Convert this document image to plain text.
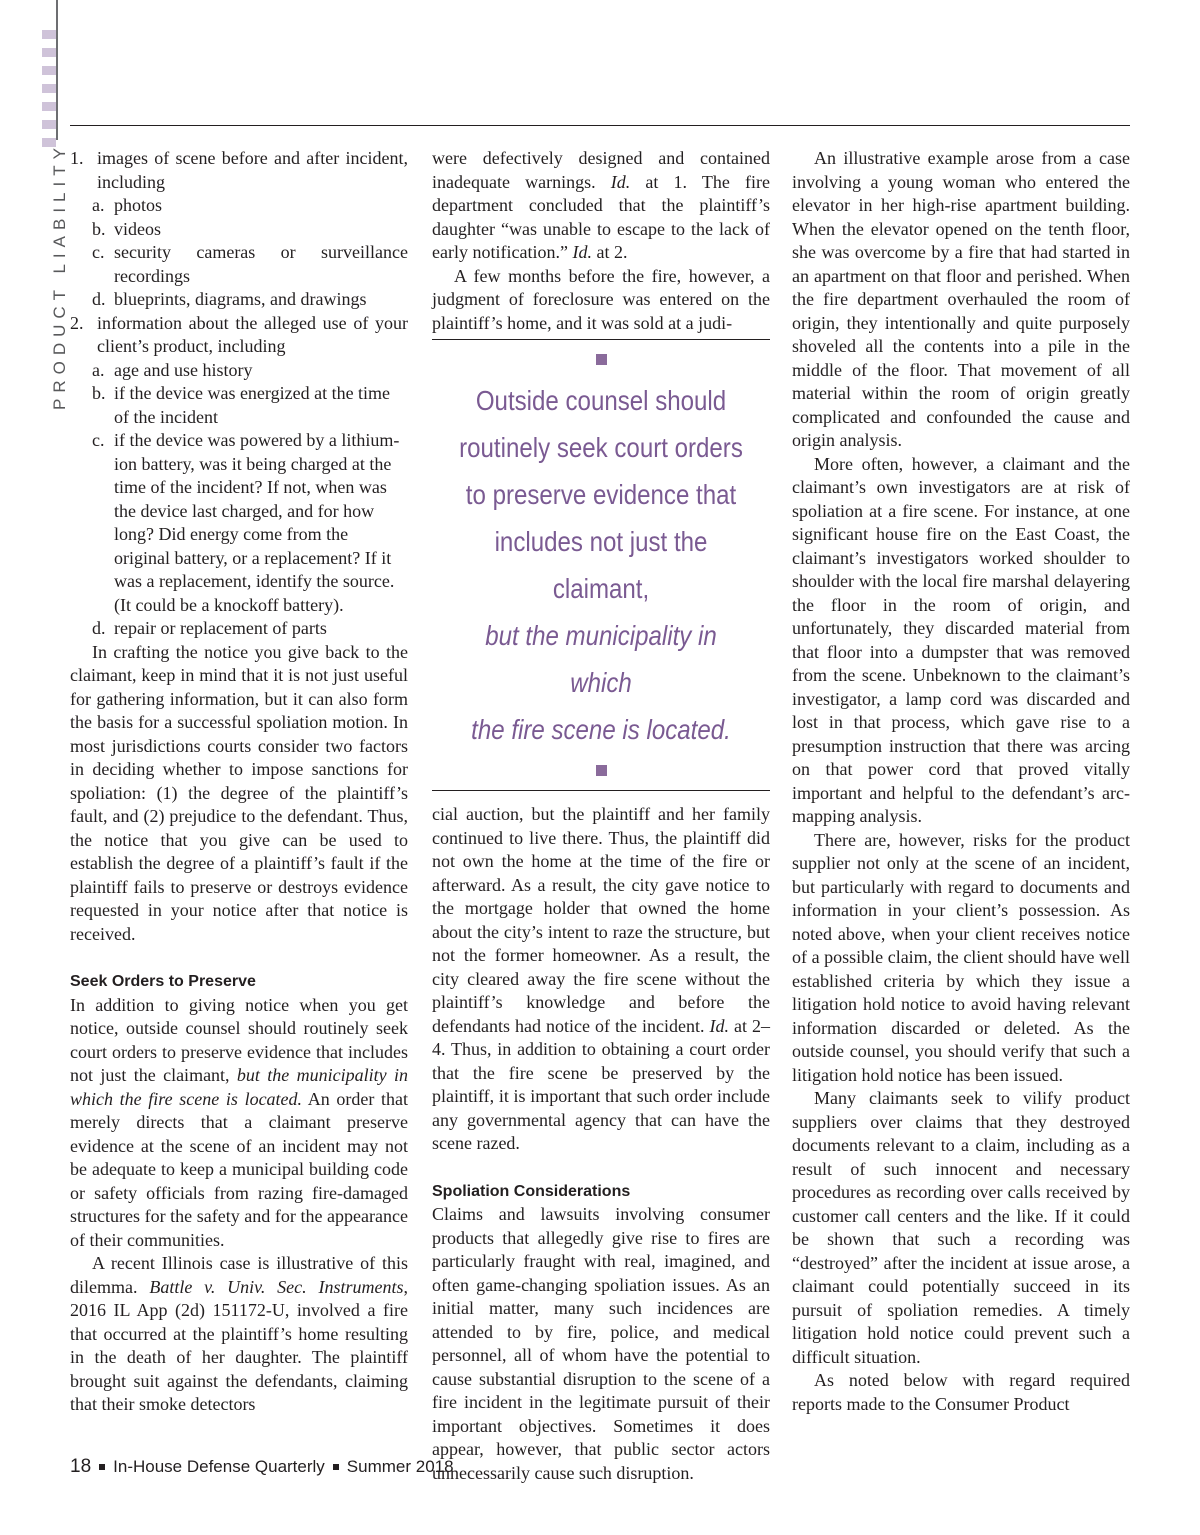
PRODUCT LIABILITY 1. images of scene before and after incident, including
a. photos
b. videos
c. security cameras or surveillance recordings
d. blueprints, diagrams, and drawings
2. information about the alleged use of your client’s product, including
a. age and use history
b. if the device was energized at the time of the incident
c. if the device was powered by a lithium-ion battery, was it being charged at the time of the incident? If not, when was the device last charged, and for how long? Did energy come from the original battery, or a replacement? If it was a replacement, identify the source. (It could be a knockoff battery).
d. repair or replacement of parts

In crafting the notice you give back to the claimant, keep in mind that it is not just useful for gathering information, but it can also form the basis for a successful spoliation motion. In most jurisdictions courts consider two factors in deciding whether to impose sanctions for spoliation: (1) the degree of the plaintiff’s fault, and (2) prejudice to the defendant. Thus, the notice that you give can be used to establish the degree of a plaintiff’s fault if the plaintiff fails to preserve or destroys evidence requested in your notice after that notice is received.

Seek Orders to Preserve

In addition to giving notice when you get notice, outside counsel should routinely seek court orders to preserve evidence that includes not just the claimant, but the municipality in which the fire scene is located. An order that merely directs that a claimant preserve evidence at the scene of an incident may not be adequate to keep a municipal building code or safety officials from razing fire-damaged structures for the safety and for the appearance of their communities.

A recent Illinois case is illustrative of this dilemma. Battle v. Univ. Sec. Instruments, 2016 IL App (2d) 151172-U, involved a fire that occurred at the plaintiff’s home resulting in the death of her daughter. The plaintiff brought suit against the defendants, claiming that their smoke detectors

were defectively designed and contained inadequate warnings. Id. at 1. The fire department concluded that the plaintiff’s daughter “was unable to escape to the lack of early notification.” Id. at 2.

A few months before the fire, however, a judgment of foreclosure was entered on the plaintiff’s home, and it was sold at a judi-

Outside counsel should
routinely seek court orders
to preserve evidence that
includes not just the claimant,
but the municipality in which
the fire scene is located.

cial auction, but the plaintiff and her family continued to live there. Thus, the plaintiff did not own the home at the time of the fire or afterward. As a result, the city gave notice to the mortgage holder that owned the home about the city’s intent to raze the structure, but not the former homeowner. As a result, the city cleared away the fire scene without the plaintiff’s knowledge and before the defendants had notice of the incident. Id. at 2–4. Thus, in addition to obtaining a court order that the fire scene be preserved by the plaintiff, it is important that such order include any governmental agency that can have the scene razed.

Spoliation Considerations

Claims and lawsuits involving consumer products that allegedly give rise to fires are particularly fraught with real, imagined, and often game-changing spoliation issues. As an initial matter, many such incidences are attended to by fire, police, and medical personnel, all of whom have the potential to cause substantial disruption to the scene of a fire incident in the legitimate pursuit of their important objectives. Sometimes it does appear, however, that public sector actors unnecessarily cause such disruption.

An illustrative example arose from a case involving a young woman who entered the elevator in her high-rise apartment building. When the elevator opened on the tenth floor, she was overcome by a fire that had started in an apartment on that floor and perished. When the fire department overhauled the room of origin, they intentionally and quite purposely shoveled all the contents into a pile in the middle of the floor. That movement of all material within the room of origin greatly complicated and confounded the cause and origin analysis.

More often, however, a claimant and the claimant’s own investigators are at risk of spoliation at a fire scene. For instance, at one significant house fire on the East Coast, the claimant’s investigators worked shoulder to shoulder with the local fire marshal delayering the floor in the room of origin, and unfortunately, they discarded material from that floor into a dumpster that was removed from the scene. Unbeknown to the claimant’s investigator, a lamp cord was discarded and lost in that process, which gave rise to a presumption instruction that there was arcing on that power cord that proved vitally important and helpful to the defendant’s arc-mapping analysis.

There are, however, risks for the product supplier not only at the scene of an incident, but particularly with regard to documents and information in your client’s possession. As noted above, when your client receives notice of a possible claim, the client should have well established criteria by which they issue a litigation hold notice to avoid having relevant information discarded or deleted. As the outside counsel, you should verify that such a litigation hold notice has been issued.

Many claimants seek to vilify product suppliers over claims that they destroyed documents relevant to a claim, including as a result of such innocent and necessary procedures as recording over calls received by customer call centers and the like. If it could be shown that such a recording was “destroyed” after the incident at issue arose, a claimant could potentially succeed in its pursuit of spoliation remedies. A timely litigation hold notice could prevent such a difficult situation.

As noted below with regard required reports made to the Consumer Product

18 In-House Defense Quarterly Summer 2018
